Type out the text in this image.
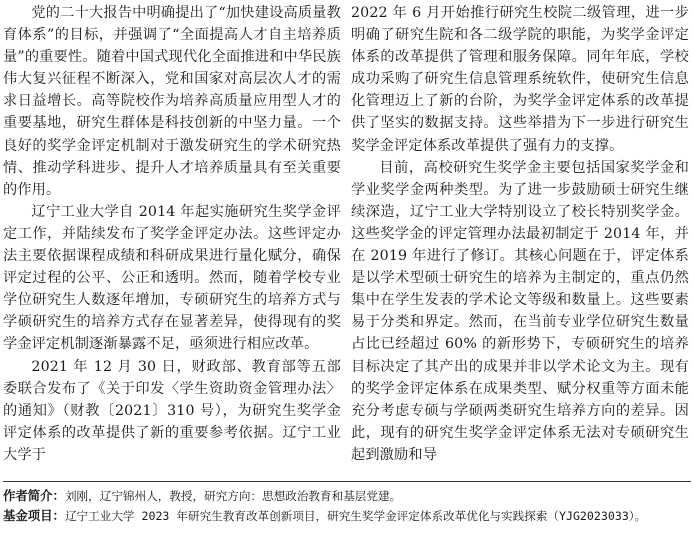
党的二十大报告中明确提出了“加快建设高质量教育体系”的目标，并强调了“全面提高人才自主培养质量”的重要性。随着中国式现代化全面推进和中华民族伟大复兴征程不断深入，党和国家对高层次人才的需求日益增长。高等院校作为培养高质量应用型人才的重要基地，研究生群体是科技创新的中坚力量。一个良好的奖学金评定机制对于激发研究生的学术研究热情、推动学科进步、提升人才培养质量具有至关重要的作用。

辽宁工业大学自 2014 年起实施研究生奖学金评定工作，并陆续发布了奖学金评定办法。这些评定办法主要依据课程成绩和科研成果进行量化赋分，确保评定过程的公平、公正和透明。然而，随着学校专业学位研究生人数逐年增加，专硕研究生的培养方式与学硕研究生的培养方式存在显著差异，使得现有的奖学金评定机制逐渐暴露不足，亟须进行相应改革。

2021 年 12 月 30 日，财政部、教育部等五部委联合发布了《关于印发〈学生资助资金管理办法〉的通知》（财教〔2021〕310 号），为研究生奖学金评定体系的改革提供了新的重要参考依据。辽宁工业大学于

2022 年 6 月开始推行研究生校院二级管理，进一步明确了研究生院和各二级学院的职能，为奖学金评定体系的改革提供了管理和服务保障。同年年底，学校成功采购了研究生信息管理系统软件，使研究生信息化管理迈上了新的台阶，为奖学金评定体系的改革提供了坚实的数据支持。这些举措为下一步进行研究生奖学金评定体系改革提供了强有力的支撑。

目前，高校研究生奖学金主要包括国家奖学金和学业奖学金两种类型。为了进一步鼓励硕士研究生继续深造，辽宁工业大学特别设立了校长特别奖学金。这些奖学金的评定管理办法最初制定于 2014 年，并在 2019 年进行了修订。其核心问题在于，评定体系是以学术型硕士研究生的培养为主制定的，重点仍然集中在学生发表的学术论文等级和数量上。这些要素易于分类和界定。然而，在当前专业学位研究生数量占比已经超过 60% 的新形势下，专硕研究生的培养目标决定了其产出的成果并非以学术论文为主。现有的奖学金评定体系在成果类型、赋分权重等方面未能充分考虑专硕与学硕两类研究生培养方向的差异。因此，现有的研究生奖学金评定体系无法对专硕研究生起到激励和导

作者简介：刘刚，辽宁锦州人，教授，研究方向：思想政治教育和基层党建。

基金项目：辽宁工业大学 2023 年研究生教育改革创新项目，研究生奖学金评定体系改革优化与实践探索（YJG2023033）。
